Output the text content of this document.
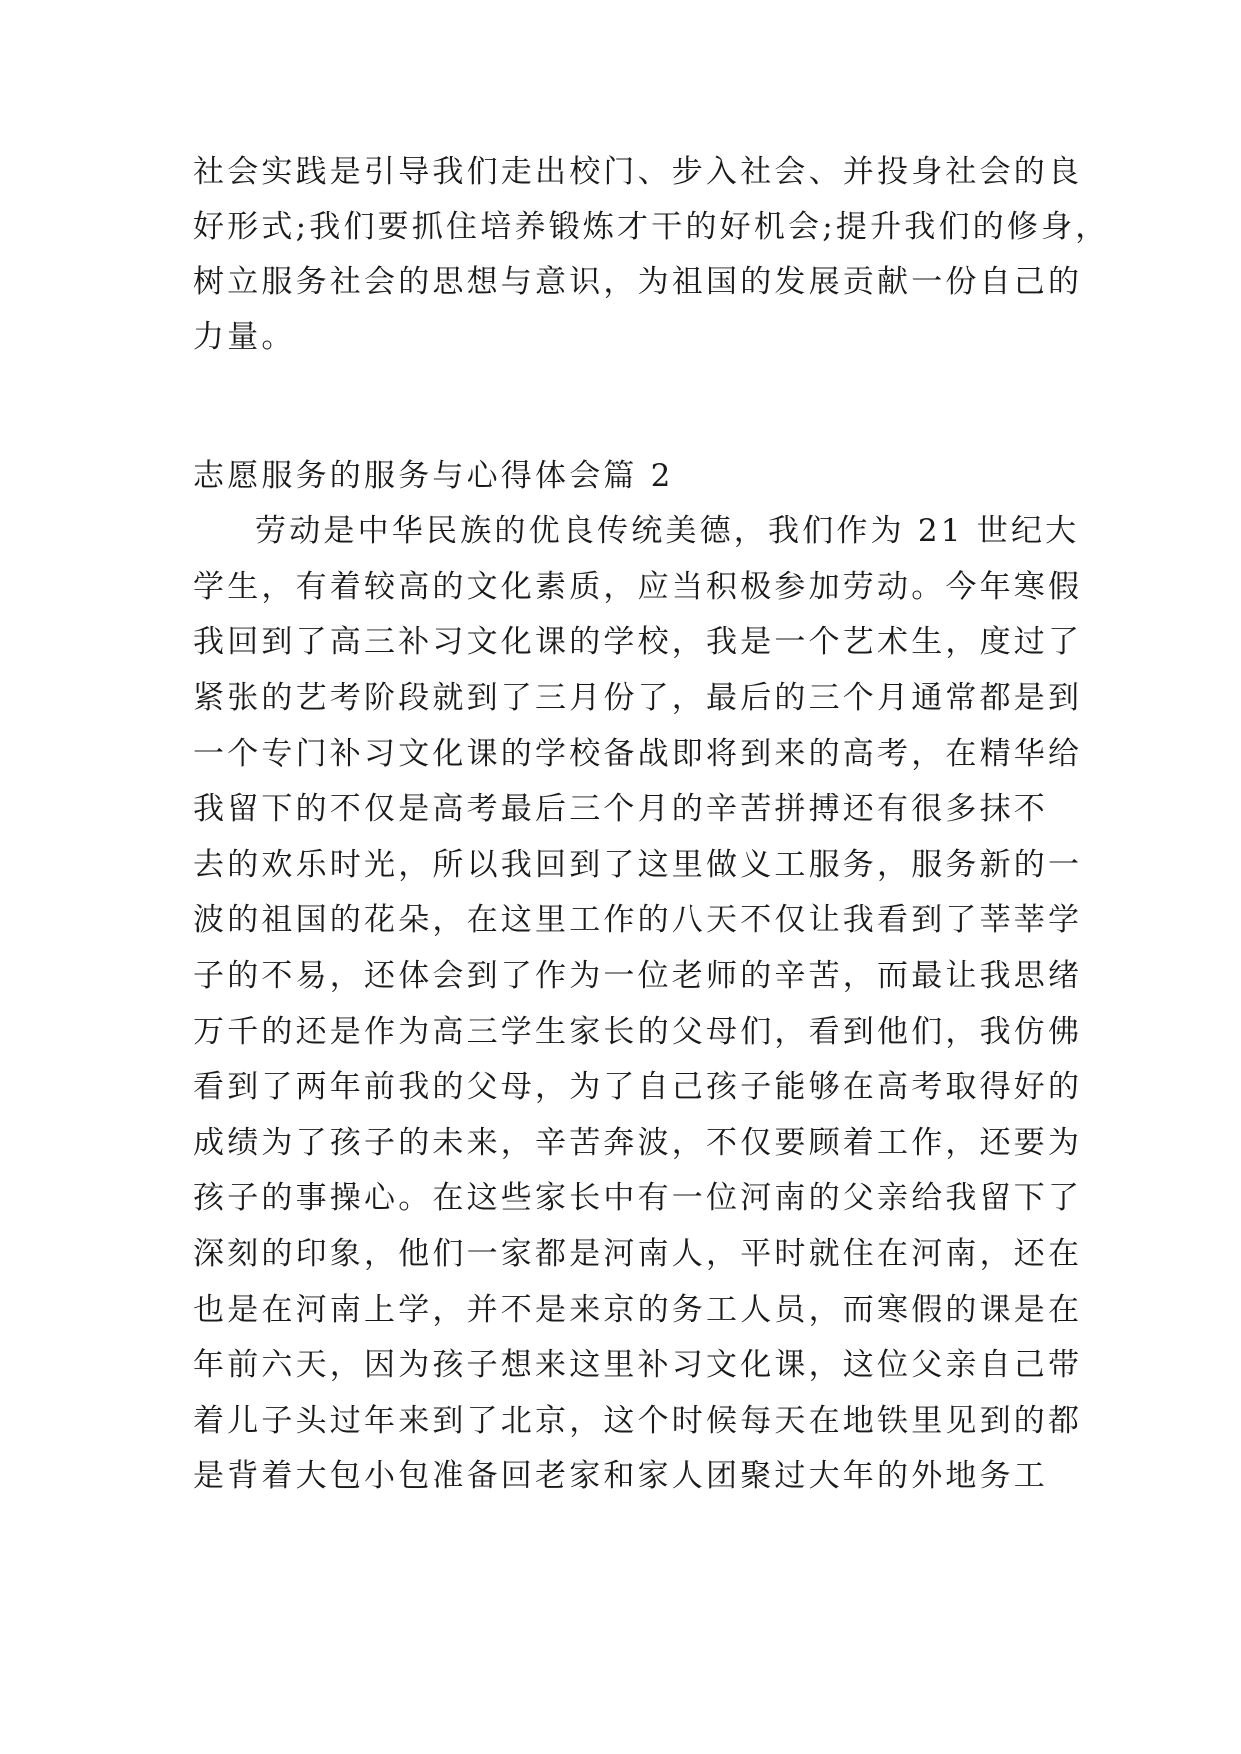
社会实践是引导我们走出校门、步入社会、并投身社会的良
好形式;我们要抓住培养锻炼才干的好机会;提升我们的修身，
树立服务社会的思想与意识，为祖国的发展贡献一份自己的
力量。
志愿服务的服务与心得体会篇 2
劳动是中华民族的优良传统美德，我们作为 21 世纪大
学生，有着较高的文化素质，应当积极参加劳动。今年寒假
我回到了高三补习文化课的学校，我是一个艺术生，度过了
紧张的艺考阶段就到了三月份了，最后的三个月通常都是到
一个专门补习文化课的学校备战即将到来的高考，在精华给
我留下的不仅是高考最后三个月的辛苦拼搏还有很多抹不
去的欢乐时光，所以我回到了这里做义工服务，服务新的一
波的祖国的花朵，在这里工作的八天不仅让我看到了莘莘学
子的不易，还体会到了作为一位老师的辛苦，而最让我思绪
万千的还是作为高三学生家长的父母们，看到他们，我仿佛
看到了两年前我的父母，为了自己孩子能够在高考取得好的
成绩为了孩子的未来，辛苦奔波，不仅要顾着工作，还要为
孩子的事操心。在这些家长中有一位河南的父亲给我留下了
深刻的印象，他们一家都是河南人，平时就住在河南，还在
也是在河南上学，并不是来京的务工人员，而寒假的课是在
年前六天，因为孩子想来这里补习文化课，这位父亲自己带
着儿子头过年来到了北京，这个时候每天在地铁里见到的都
是背着大包小包准备回老家和家人团聚过大年的外地务工
